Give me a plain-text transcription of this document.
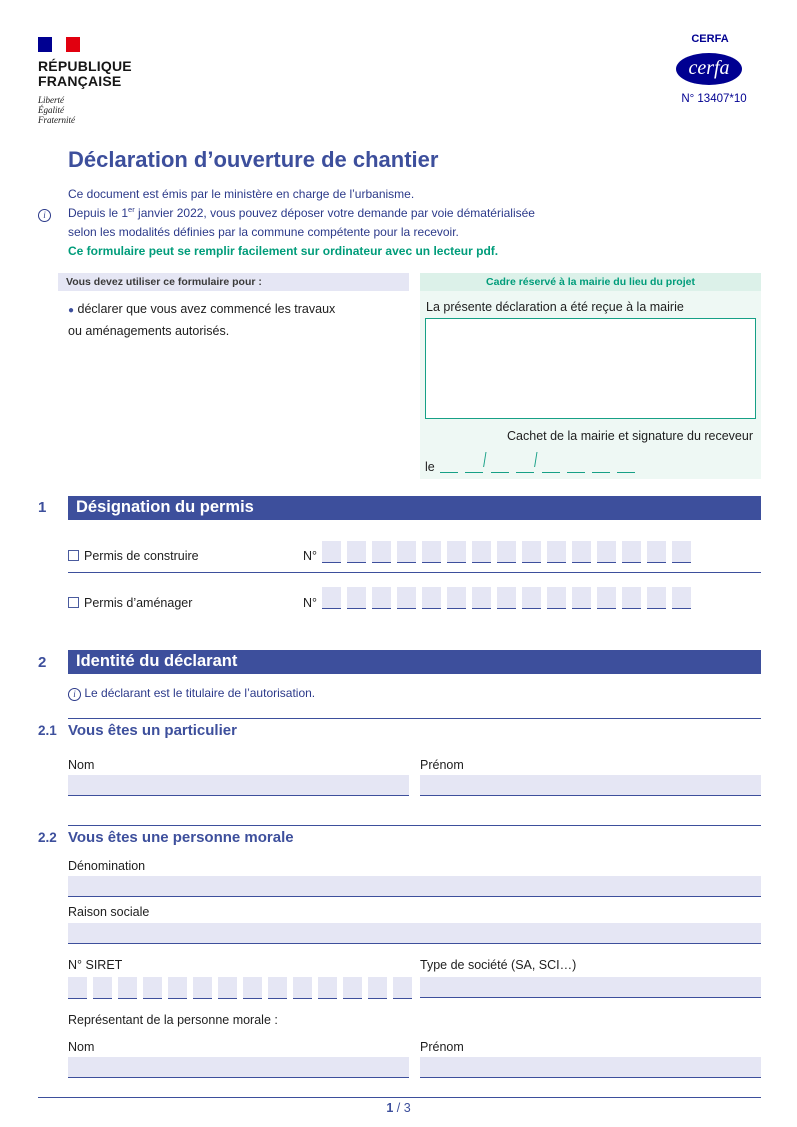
RÉPUBLIQUE
FRANÇAISE
Liberté
Égalité
Fraternité
CERFA
cerfa
N° 13407*10
Déclaration d’ouverture de chantier
i
Ce document est émis par le ministère en charge de l’urbanisme.
Depuis le 1er janvier 2022, vous pouvez déposer votre demande par voie dématérialisée
selon les modalités définies par la commune compétente pour la recevoir.
Ce formulaire peut se remplir facilement sur ordinateur avec un lecteur pdf.
Vous devez utiliser ce formulaire pour :
● déclarer que vous avez commencé les travaux
ou aménagements autorisés.
Cadre réservé à la mairie du lieu du projet
La présente déclaration a été reçue à la mairie
Cachet de la mairie et signature du receveur
le / /
1	Désignation du permis
Permis de construire	N°
Permis d’aménager	N°
2	Identité du déclarant
i Le déclarant est le titulaire de l’autorisation.
2.1 Vous êtes un particulier
Nom	Prénom
2.2 Vous êtes une personne morale
Dénomination
Raison sociale
N° SIRET	Type de société (SA, SCI…)
Représentant de la personne morale :
Nom	Prénom
1 / 3
